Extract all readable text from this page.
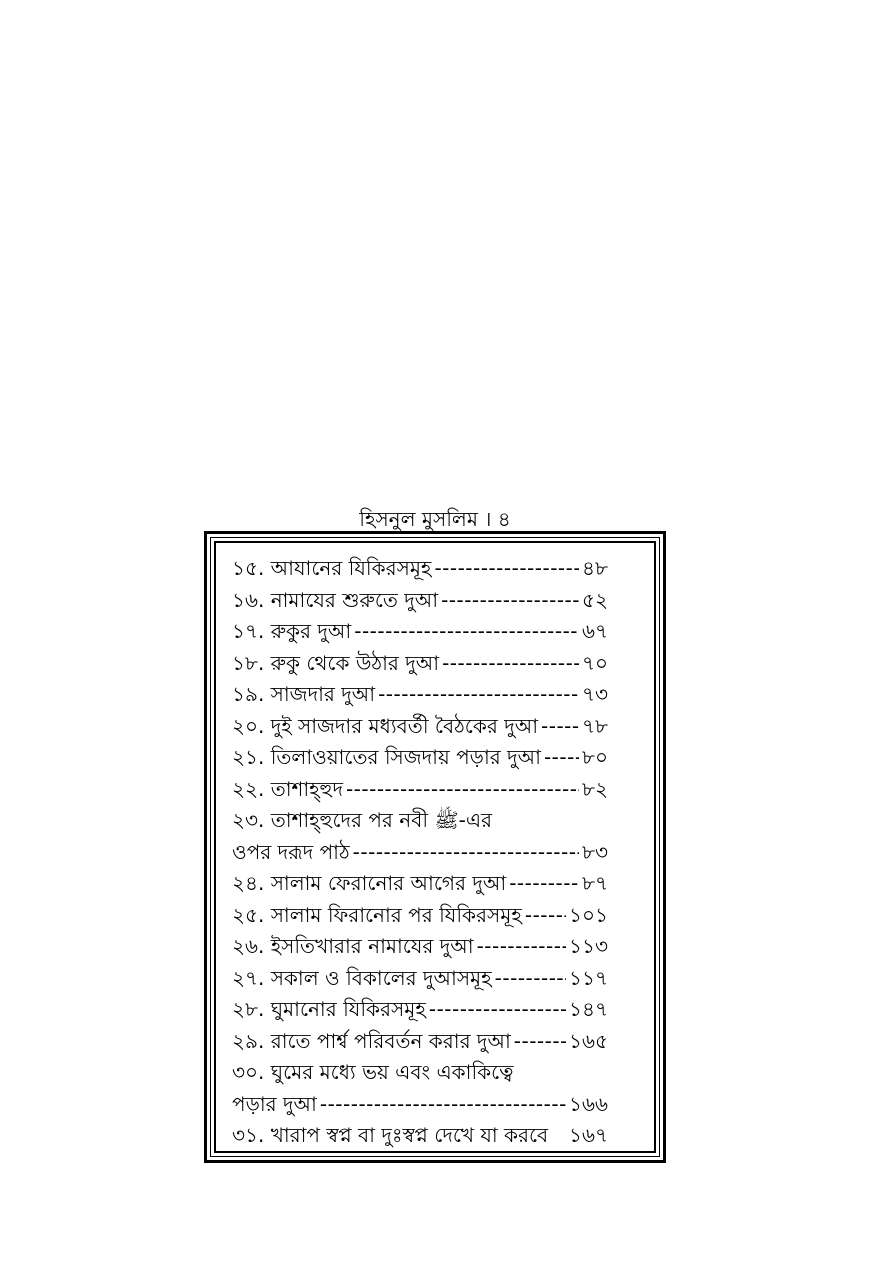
হিসনুল মুসলিম । ৪
১৫. আযানের যিকিরসমূহ -----	৪৮
১৬. নামাযের শুরুতে দুআ -----	৫২
১৭. রুকুর দুআ -----	৬৭
১৮. রুকু থেকে উঠার দুআ -----	৭০
১৯. সাজদার দুআ -----	৭৩
২০. দুই সাজদার মধ্যবর্তী বৈঠকের দুআ ----- ৭৮
২১. তিলাওয়াতের সিজদায় পড়ার দুআ ----- ৮০
২২. তাশাহ্হুদ -----	৮২
২৩. তাশাহ্হুদের পর নবী ﷺ-এর
ওপর দরূদ পাঠ -----	৮৩
২৪. সালাম ফেরানোর আগের দুআ -----	৮৭
২৫. সালাম ফিরানোর পর যিকিরসমূহ ----- ১০১
২৬. ইসতিখারার নামাযের দুআ -----	১১৩
২৭. সকাল ও বিকালের দুআসমূহ -----	১১৭
২৮. ঘুমানোর যিকিরসমূহ -----	১৪৭
২৯. রাতে পার্শ্ব পরিবর্তন করার দুআ -----	১৬৫
৩০. ঘুমের মধ্যে ভয় এবং একাকিত্বে
পড়ার দুআ -----	১৬৬
৩১. খারাপ স্বপ্ন বা দুঃস্বপ্ন দেখে যা করবে ১৬৭
